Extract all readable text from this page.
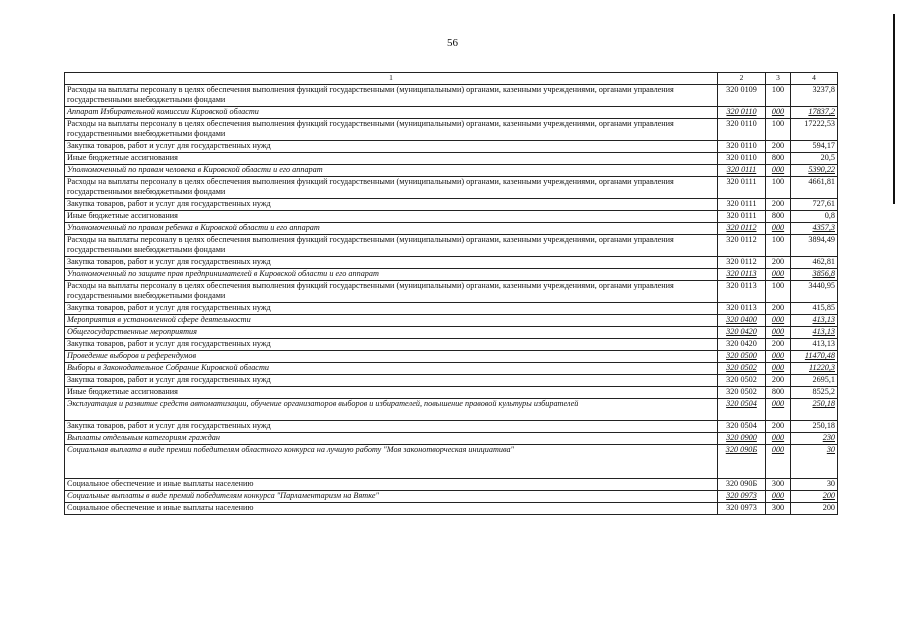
56
1	2	3	4
Расходы на выплаты персоналу в целях обеспечения выполнения функций государственными (муниципальными) органами, казенными учреждениями, органами управления государственными внебюджетными фондами	320 0109	100	3237,8
Аппарат Избирательной комиссии Кировской области	320 0110	000	17837,2
Расходы на выплаты персоналу в целях обеспечения выполнения функций государственными (муниципальными) органами, казенными учреждениями, органами управления государственными внебюджетными фондами	320 0110	100	17222,53
Закупка товаров, работ и услуг для государственных нужд	320 0110	200	594,17
Иные бюджетные ассигнования	320 0110	800	20,5
Уполномоченный по правам человека в Кировской области и его аппарат	320 0111	000	5390,22
Расходы на выплаты персоналу в целях обеспечения выполнения функций государственными (муниципальными) органами, казенными учреждениями, органами управления государственными внебюджетными фондами	320 0111	100	4661,81
Закупка товаров, работ и услуг для государственных нужд	320 0111	200	727,61
Иные бюджетные ассигнования	320 0111	800	0,8
Уполномоченный по правам ребенка в Кировской области и его аппарат	320 0112	000	4357,3
Расходы на выплаты персоналу в целях обеспечения выполнения функций государственными (муниципальными) органами, казенными учреждениями, органами управления государственными внебюджетными фондами	320 0112	100	3894,49
Закупка товаров, работ и услуг для государственных нужд	320 0112	200	462,81
Уполномоченный по защите прав предпринимателей в Кировской области и его аппарат	320 0113	000	3856,8
Расходы на выплаты персоналу в целях обеспечения выполнения функций государственными (муниципальными) органами, казенными учреждениями, органами управления государственными внебюджетными фондами	320 0113	100	3440,95
Закупка товаров, работ и услуг для государственных нужд	320 0113	200	415,85
Мероприятия в установленной сфере деятельности	320 0400	000	413,13
Общегосударственные мероприятия	320 0420	000	413,13
Закупка товаров, работ и услуг для государственных нужд	320 0420	200	413,13
Проведение выборов и референдумов	320 0500	000	11470,48
Выборы в Законодательное Собрание Кировской области	320 0502	000	11220,3
Закупка товаров, работ и услуг для государственных нужд	320 0502	200	2695,1
Иные бюджетные ассигнования	320 0502	800	8525,2
Эксплуатация и развитие средств автоматизации, обучение организаторов выборов и избирателей, повышение правовой культуры избирателей	320 0504	000	250,18
Закупка товаров, работ и услуг для государственных нужд	320 0504	200	250,18
Выплаты отдельным категориям граждан	320 0900	000	230
Социальная выплата в виде премии победителям областного конкурса на лучшую работу "Моя законотворческая инициатива"	320 090Б	000	30
Социальное обеспечение и иные выплаты населению	320 090Б	300	30
Социальные выплаты в виде премий победителям конкурса "Парламентаризм на Вятке"	320 0973	000	200
Социальное обеспечение и иные выплаты населению	320 0973	300	200
